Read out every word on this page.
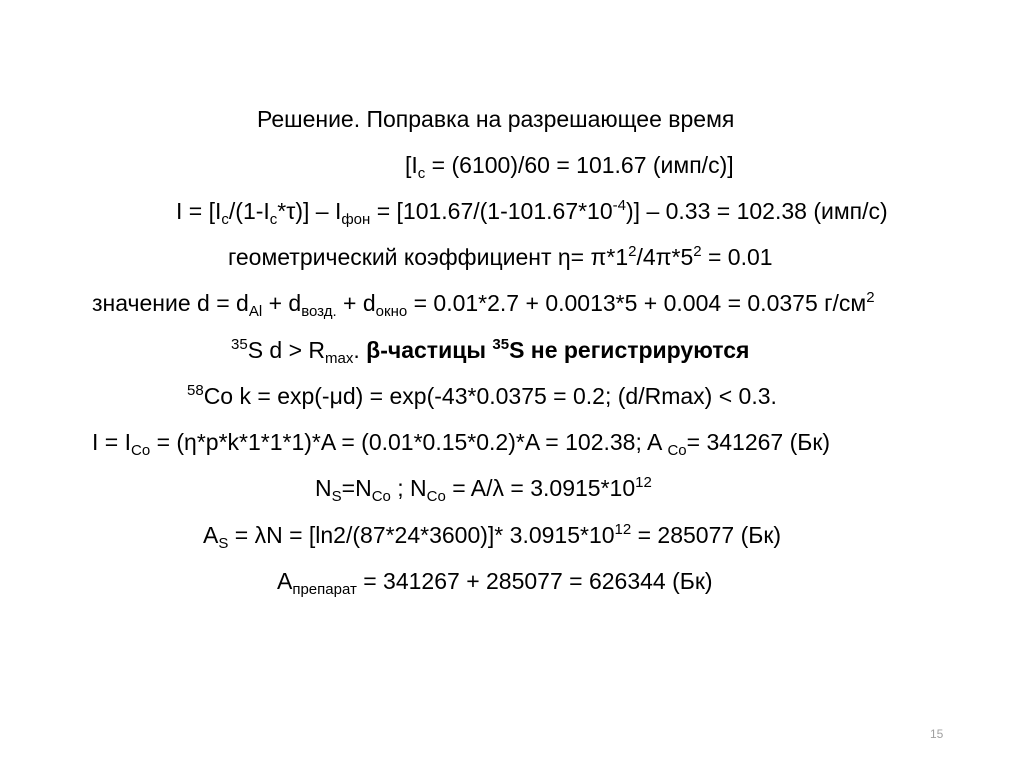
Решение. Поправка на разрешающее время
[$I_c = (6100)/60 = 101.67$ (имп/с)]
$I = [I_c/(1-I_c*\tau)] - I_{фон} = [101.67/(1-101.67*10^{-4})] - 0.33 = 102.38$ (имп/с)
геометрический коэффициент $\eta= \pi*1^2/4\pi*5^2 = 0.01$
значение $d = d_{Al} + d_{возд.} + d_{окно} = 0.01*2.7 + 0.0013*5 + 0.004 = 0.0375$ $г/см^2$
$^{35}$S $d > R_{max}$. β-частицы $^{35}$S не регистрируются
$^{58}$Co k = exp(-μd) = exp(-43*0.0375 = 0.2; (d/Rmax) < 0.3.
$I = I_{Co} = (\eta*p*k*1*1*1)*A = (0.01*0.15*0.2)*A = 102.38$; A $_{Co}$= 341267 (Бк)
$N_S=N_{Co}$ ; $N_{Co} = A/\lambda = 3.0915*10^{12}$
$A_S = \lambda N = [\ln 2/(87*24*3600)]*$ $3.0915*10^{12} = 285077$ (Бк)
$A_{препарат} = 341267 + 285077 = 626344$ (Бк)
15
